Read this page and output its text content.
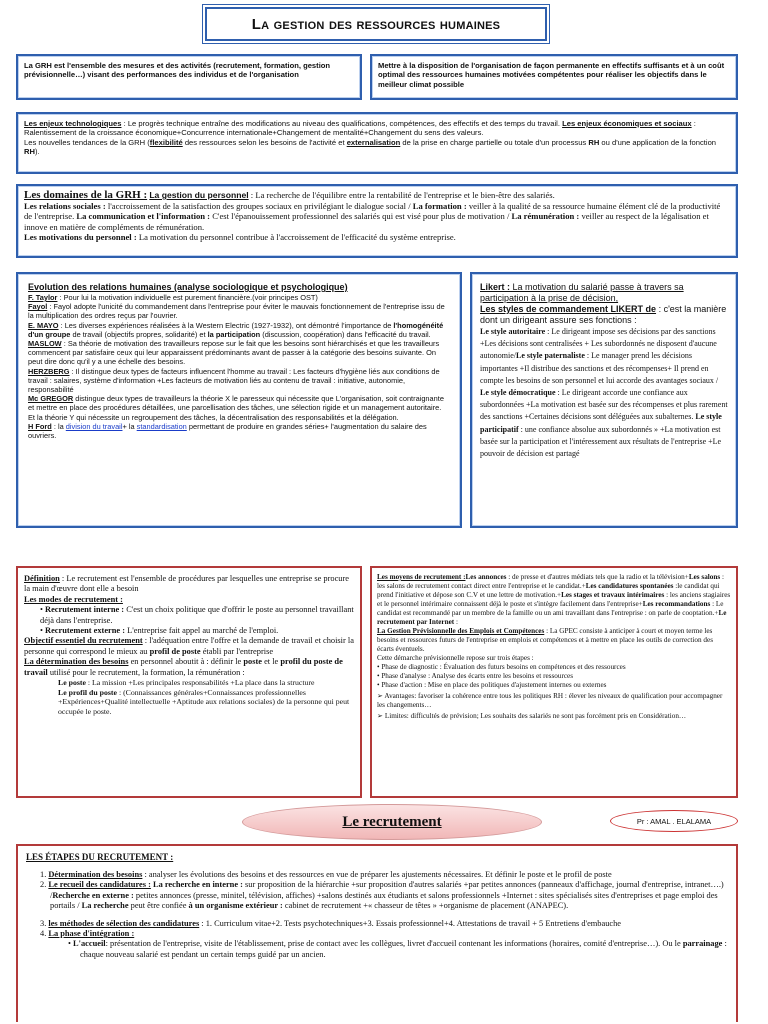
La gestion des ressources humaines

La GRH est l'ensemble des mesures et des activités (recrutement, formation, gestion prévisionnelle…) visant des performances des individus et de l'organisation

Mettre à la disposition de l'organisation de façon permanente en effectifs suffisants et à un coût optimal des ressources humaines motivées compétentes pour réaliser les objectifs dans le meilleur climat possible

Les enjeux technologiques : Le progrès technique entraîne des modifications au niveau des qualifications, compétences, des effectifs et des temps du travail. Les enjeux économiques et sociaux : Ralentissement de la croissance économique+Concurrence internationale+Changement de mentalité+Changement du sens des valeurs.

Les nouvelles tendances de la GRH (flexibilité des ressources selon les besoins de l'activité et externalisation de la prise en charge partielle ou totale d'un processus RH ou d'une application de la fonction RH).

Les domaines de la GRH : La gestion du personnel : La recherche de l'équilibre entre la rentabilité de l'entreprise et le bien-être des salariés.

Les relations sociales : l'accroissement de la satisfaction des groupes sociaux en privilégiant le dialogue social / La formation : veiller à la qualité de sa ressource humaine élément clé de la productivité de l'entreprise. La communication et l'information : C'est l'épanouissement professionnel des salariés qui est visé pour plus de motivation / La rémunération : veiller au respect de la légalisation et innove en matière de compléments de rémunération.

Les motivations du personnel : La motivation du personnel contribue à l'accroissement de l'efficacité du système entreprise.

Evolution des relations humaines (analyse sociologique et psychologique)

F. Taylor : Pour lui la motivation individuelle est purement financière.(voir principes OST)

Fayol : Fayol adopte l'unicité du commandement dans l'entreprise pour éviter le mauvais fonctionnement de l'entreprise issu de la multiplication des ordres reçus par l'ouvrier.

E. MAYO : Les diverses expériences réalisées à la Western Electric (1927-1932), ont démontré l'importance de l'homogénéité d'un groupe de travail (objectifs propres, solidarité) et la participation (discussion, coopération) dans l'efficacité du travail.

MASLOW : Sa théorie de motivation des travailleurs repose sur le fait que les besoins sont hiérarchisés et que les travailleurs commencent par satisfaire ceux qui leur apparaissent prédominants avant de passer à la catégorie des besoins suivante. On peut dire donc qu'il y a une échelle des besoins.

HERZBERG : Il distingue deux types de facteurs influencent l'homme au travail : Les facteurs d'hygiène liés aux conditions de travail : salaires, système d'information +Les facteurs de motivation liés au contenu de travail : initiative, autonomie, responsabilité

Mc GREGOR distingue deux types de travailleurs la théorie X le paresseux qui nécessite que L'organisation, soit contraignante et mettre en place des procédures détaillées, une parcellisation des tâches, une sélection rigide et un management autoritaire. Et la théorie Y qui nécessite un regroupement des tâches, la décentralisation des responsabilités et la délégation.

H Ford : la division du travail+ la standardisation permettant de produire en grandes séries+ l'augmentation du salaire des ouvriers.

Likert : La motivation du salarié passe à travers sa participation à la prise de décision,

Les styles de commandement LIKERT de : c'est la manière dont un dirigeant assure ses fonctions :

Le style autoritaire : Le dirigeant impose ses décisions par des sanctions +Les décisions sont centralisées + Les subordonnés ne disposent d'aucune autonomie/Le style paternaliste : Le manager prend les décisions importantes +Il distribue des sanctions et des récompenses+ Il prend en compte les besoins de son personnel et lui accorde des avantages sociaux / Le style démocratique : Le dirigeant accorde une confiance aux subordonnées +La motivation est basée sur des récompenses et plus rarement des sanctions +Certaines décisions sont déléguées aux subalternes. Le style participatif : une confiance absolue aux subordonnés » +La motivation est basée sur la participation et l'intéressement aux résultats de l'entreprise +Le pouvoir de décision est partagé

Définition : Le recrutement est l'ensemble de procédures par lesquelles une entreprise se procure la main d'œuvre dont elle a besoin

Les modes de recrutement :

• Recrutement interne : C'est un choix politique que d'offrir le poste au personnel travaillant déjà dans l'entreprise.

• Recrutement externe : L'entreprise fait appel au marché de l'emploi.

Objectif essentiel du recrutement : l'adéquation entre l'offre et la demande de travail et choisir la personne qui correspond le mieux au profil de poste établi par l'entreprise

La détermination des besoins en personnel aboutit à : définir le poste et le profil du poste de travail utilisé pour le recrutement, la formation, la rémunération :

Le poste : La mission +Les principales responsabilités +La place dans la structure

Le profil du poste : (Connaissances générales+Connaissances professionnelles +Expériences+Qualité intellectuelle +Aptitude aux relations sociales) de la personne qui peut occupée le poste.

Les moyens de recrutement :Les annonces : de presse et d'autres médiats tels que la radio et la télévision+Les salons : les salons de recrutement contact direct entre l'entreprise et le candidat.+Les candidatures spontanées :le candidat qui prend l'initiative et dépose son C.V et une lettre de motivation.+Les stages et travaux intérimaires : les anciens stagiaires et le personnel intérimaire connaissent déjà le poste et s'intègre facilement dans l'entreprise+Les recommandations : Le candidat est recommandé par un membre de la famille ou un ami travaillant dans l'entreprise : on parle de cooptation.+Le recrutement par Internet :

La Gestion Prévisionnelle des Emplois et Compétences : La GPEC consiste à anticiper à court et moyen terme les besoins et ressources futurs de l'entreprise en emplois et compétences et à mettre en place les outils de correction des écarts éventuels.

Cette démarche prévisionnelle repose sur trois étapes :

• Phase de diagnostic : Évaluation des futurs besoins en compétences et des ressources

• Phase d'analyse : Analyse des écarts entre les besoins et ressources

• Phase d'action : Mise en place des politiques d'ajustement internes ou externes

➢ Avantages: favoriser la cohérence entre tous les politiques RH : élever les niveaux de qualification pour accompagner les changements…

➢ Limites: difficultés de prévision; Les souhaits des salariés ne sont pas forcément pris en Considération…

Le recrutement	Pr : AMAL . ELALAMA

LES ÉTAPES DU RECRUTEMENT :

1. Détermination des besoins : analyser les évolutions des besoins et des ressources en vue de préparer les ajustements nécessaires. Et définir le poste et le profil de poste

2. Le recueil des candidatures : La recherche en interne : sur proposition de la hiérarchie +sur proposition d'autres salariés +par petites annonces (panneaux d'affichage, journal d'entreprise, intranet….) /Recherche en externe : petites annonces (presse, minitel, télévision, affiches) +salons destinés aux étudiants et salons professionnels +Internet : sites spécialisés sites d'entreprises et page emploi des portails / La recherche peut être confiée à un organisme extérieur : cabinet de recrutement +« chasseur de têtes » +organisme de placement (ANAPEC).

3. les méthodes de sélection des candidatures : 1. Curriculum vitae+2. Tests psychotechniques+3. Essais professionnel+4. Attestations de travail + 5 Entretiens d'embauche

4. La phase d'intégration :

• L'accueil: présentation de l'entreprise, visite de l'établissement, prise de contact avec les collègues, livret d'accueil contenant les informations (horaires, comité d'entreprise…). Ou le parrainage : chaque nouveau salarié est pendant un certain temps guidé par un ancien.
